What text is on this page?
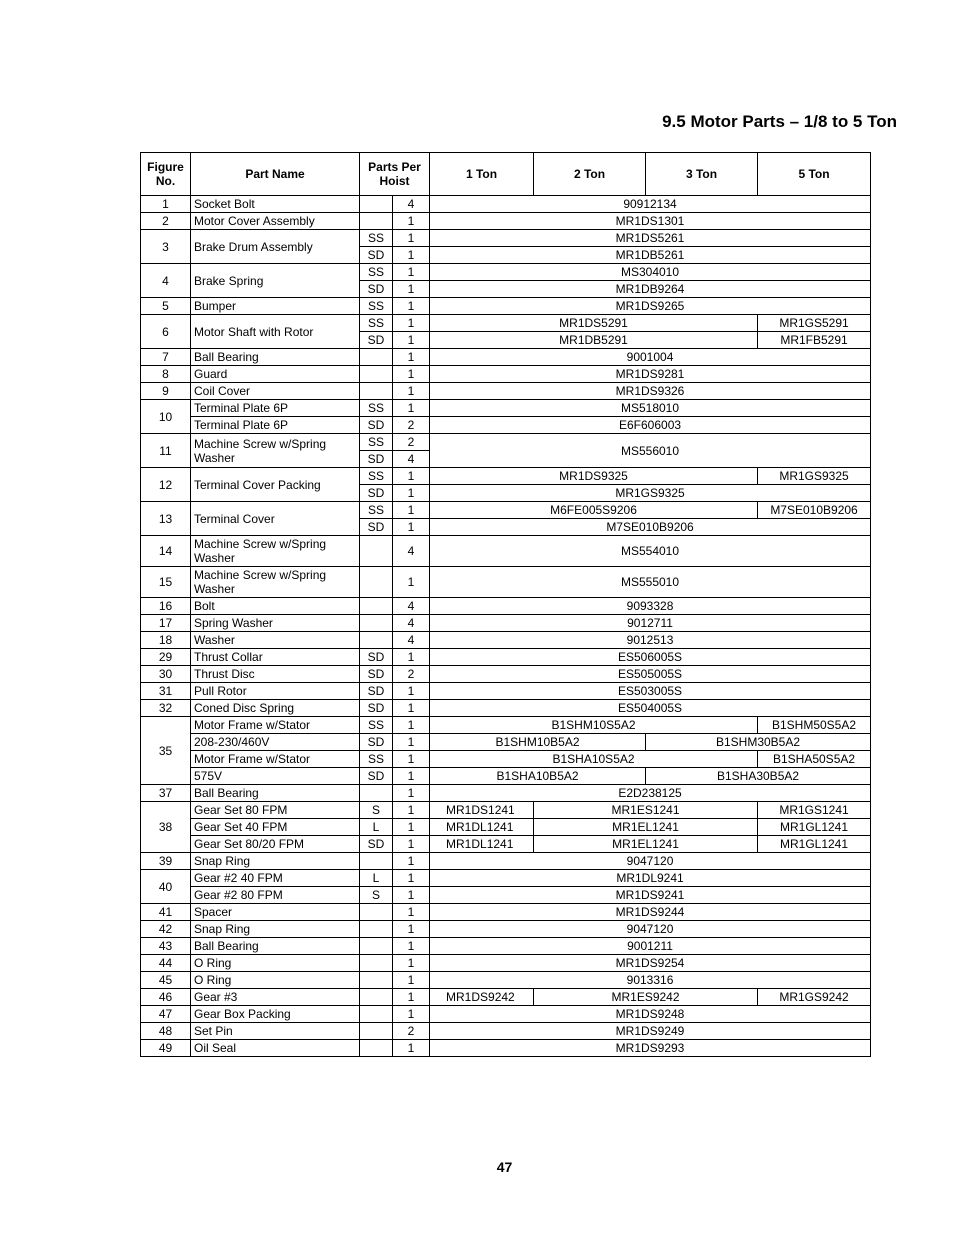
9.5 Motor Parts – 1/8 to 5 Ton
Figure No.	Part Name	Parts Per Hoist		1 Ton	2 Ton	3 Ton	5 Ton
1	Socket Bolt		4	90912134			
2	Motor Cover Assembly		1	MR1DS1301			
3	Brake Drum Assembly	SS	1	MR1DS5261			
		SD	1	MR1DB5261			
4	Brake Spring	SS	1	MS304010			
		SD	1	MR1DB9264			
5	Bumper	SS	1	MR1DS9265			
6	Motor Shaft with Rotor	SS	1	MR1DS5291			MR1GS5291
		SD	1	MR1DB5291			MR1FB5291
7	Ball Bearing		1	9001004			
8	Guard		1	MR1DS9281			
9	Coil Cover		1	MR1DS9326			
10	Terminal Plate 6P	SS	1	MS518010			
	Terminal Plate 6P	SD	2	E6F606003			
11	Machine Screw w/Spring Washer	SS	2	MS556010			
		SD	4				
12	Terminal Cover Packing	SS	1	MR1DS9325			MR1GS9325
		SD	1	MR1GS9325			
13	Terminal Cover	SS	1	M6FE005S9206			M7SE010B9206
		SD	1	M7SE010B9206			
14	Machine Screw w/Spring Washer		4	MS554010			
15	Machine Screw w/Spring Washer		1	MS555010			
16	Bolt		4	9093328			
17	Spring Washer		4	9012711			
18	Washer		4	9012513			
29	Thrust Collar	SD	1	ES506005S			
30	Thrust Disc	SD	2	ES505005S			
31	Pull Rotor	SD	1	ES503005S			
32	Coned Disc Spring	SD	1	ES504005S			
35	Motor Frame w/Stator	SS	1	B1SHM10S5A2			B1SHM50S5A2
	208-230/460V	SD	1	B1SHM10B5A2		B1SHM30B5A2	
	Motor Frame w/Stator	SS	1	B1SHA10S5A2			B1SHA50S5A2
	575V	SD	1	B1SHA10B5A2		B1SHA30B5A2	
37	Ball Bearing		1	E2D238125			
38	Gear Set 80 FPM	S	1	MR1DS1241	MR1ES1241		MR1GS1241
	Gear Set 40 FPM	L	1	MR1DL1241	MR1EL1241		MR1GL1241
	Gear Set 80/20 FPM	SD	1	MR1DL1241	MR1EL1241		MR1GL1241
39	Snap Ring		1	9047120			
40	Gear #2 40 FPM	L	1	MR1DL9241			
	Gear #2 80 FPM	S	1	MR1DS9241			
41	Spacer		1	MR1DS9244			
42	Snap Ring		1	9047120			
43	Ball Bearing		1	9001211			
44	O Ring		1	MR1DS9254			
45	O Ring		1	9013316			
46	Gear #3		1	MR1DS9242	MR1ES9242		MR1GS9242
47	Gear Box Packing		1	MR1DS9248			
48	Set Pin		2	MR1DS9249			
49	Oil Seal		1	MR1DS9293			
47
